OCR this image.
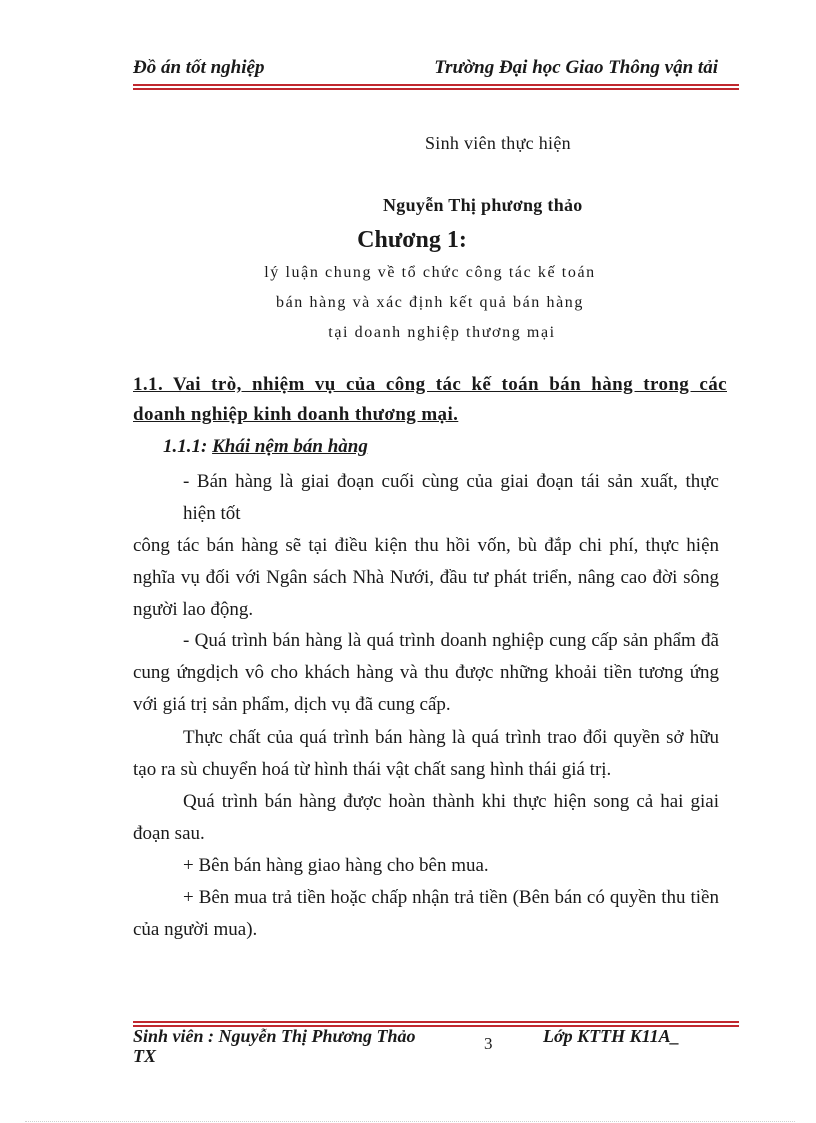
Đồ án tốt nghiệp	Trường Đại học Giao Thông vận tải
Sinh viên thực hiện
Nguyễn Thị phương thảo
Chương 1:
lý luận chung về tổ chức công tác kế toán
bán hàng và xác định kết quả bán hàng
tại doanh nghiệp thương mại
1.1. Vai trò, nhiệm vụ của công tác kế toán bán hàng trong các
doanh nghiệp kinh doanh thương mại.
1.1.1: Khái nệm bán hàng
- Bán hàng là giai đoạn cuối cùng của giai đoạn tái sản xuất, thực
hiện tốt
công tác bán hàng sẽ tại điều kiện thu hồi vốn, bù đắp chi phí, thực hiện nghĩa vụ đối với Ngân sách Nhà Nưới, đầu tư phát triển, nâng cao đời sông người lao động.
- Quá trình bán hàng là quá trình doanh nghiệp cung cấp sản phẩm đã cung ứngdịch vô cho khách hàng và thu được những khoải tiền tương ứng với giá trị sản phẩm, dịch vụ đã cung cấp.
Thực chất của quá trình bán hàng là quá trình trao đổi quyền sở hữu tạo ra sù chuyển hoá từ hình thái vật chất sang hình thái giá trị.
Quá trình bán hàng được hoàn thành khi thực hiện song cả hai giai đoạn sau.
+ Bên bán hàng giao hàng cho bên mua.
+ Bên mua trả tiền hoặc chấp nhận trả tiền (Bên bán có quyền thu tiền của người mua).
Sinh viên : Nguyễn Thị Phương Thảo
TX
3	Lớp KTTH K11A_
